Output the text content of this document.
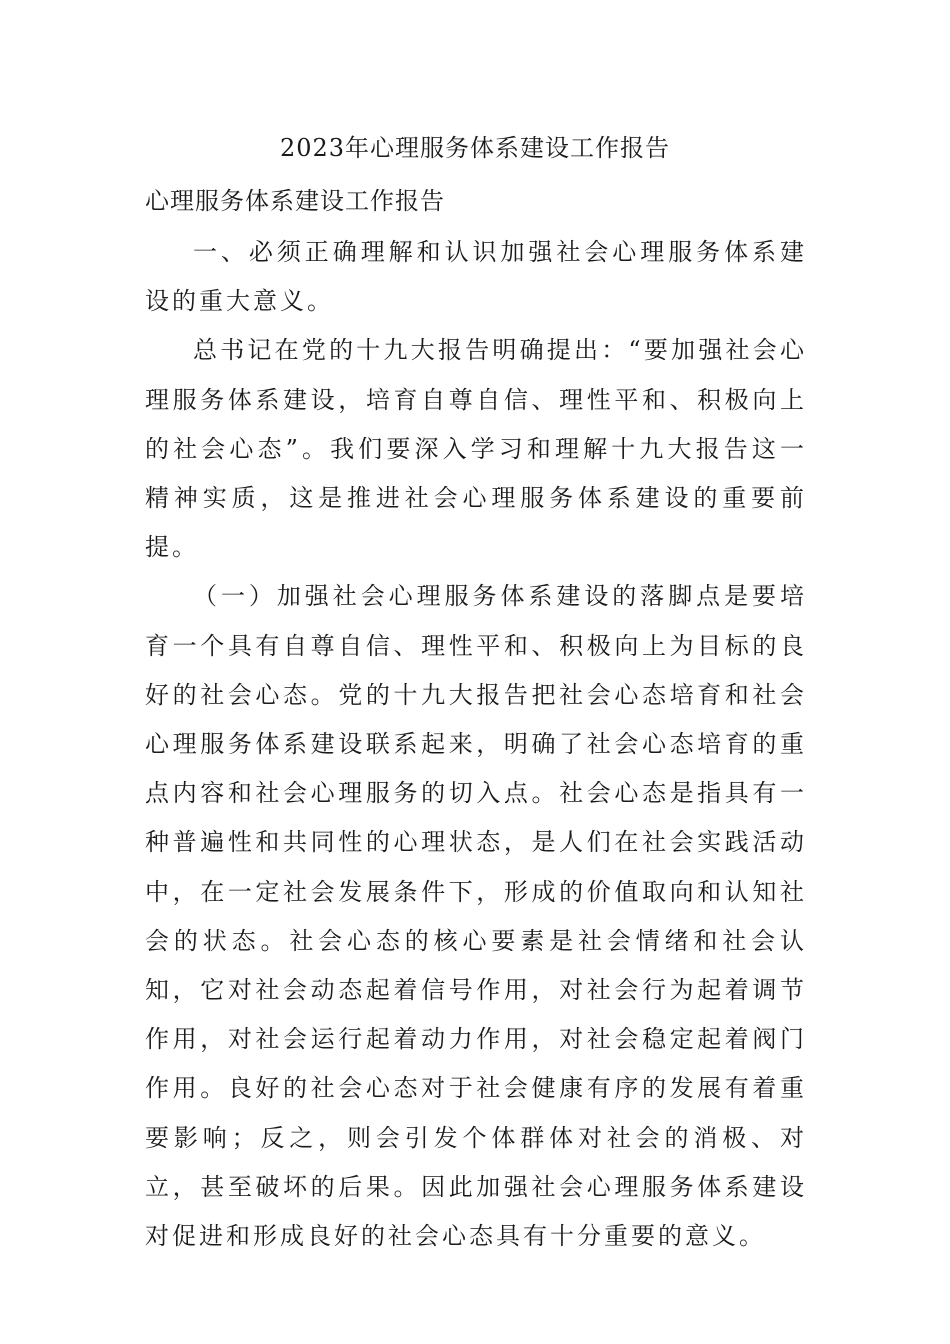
2023年心理服务体系建设工作报告
心理服务体系建设工作报告

一、必须正确理解和认识加强社会心理服务体系建设的重大意义。

总书记在党的十九大报告明确提出：“要加强社会心理服务体系建设，培育自尊自信、理性平和、积极向上的社会心态”。我们要深入学习和理解十九大报告这一精神实质，这是推进社会心理服务体系建设的重要前提。

（一）加强社会心理服务体系建设的落脚点是要培育一个具有自尊自信、理性平和、积极向上为目标的良好的社会心态。党的十九大报告把社会心态培育和社会心理服务体系建设联系起来，明确了社会心态培育的重点内容和社会心理服务的切入点。社会心态是指具有一种普遍性和共同性的心理状态，是人们在社会实践活动中，在一定社会发展条件下，形成的价值取向和认知社会的状态。社会心态的核心要素是社会情绪和社会认知，它对社会动态起着信号作用，对社会行为起着调节作用，对社会运行起着动力作用，对社会稳定起着阀门作用。良好的社会心态对于社会健康有序的发展有着重要影响；反之，则会引发个体群体对社会的消极、对立，甚至破坏的后果。因此加强社会心理服务体系建设对促进和形成良好的社会心态具有十分重要的意义。
